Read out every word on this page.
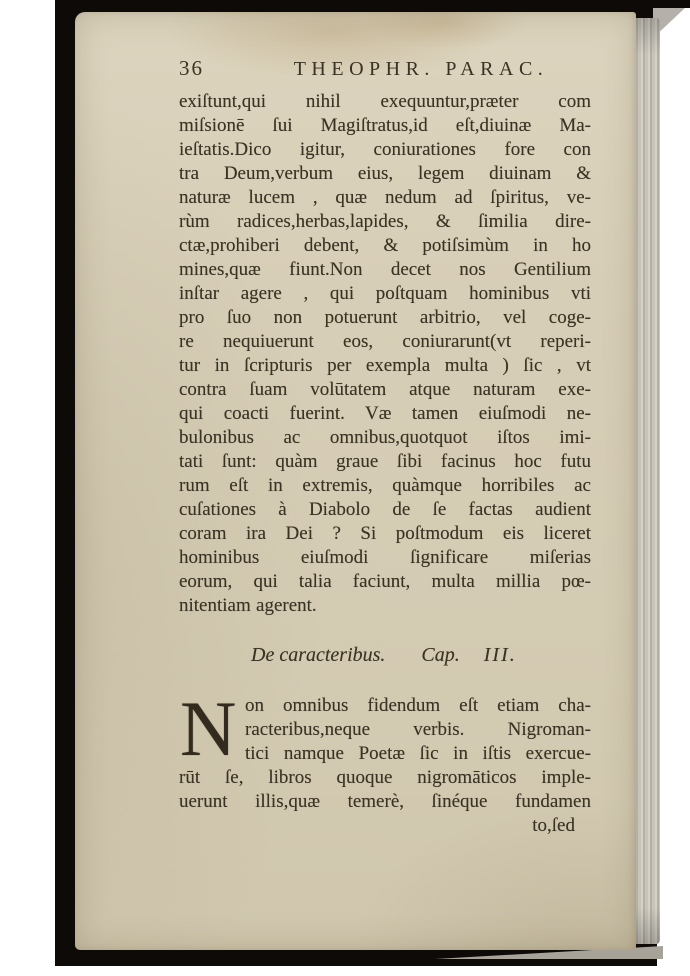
36	THEOPHR. PARAC.
exiſtunt,qui nihil exequuntur,præter com
miſsionē ſui Magiſtratus,id eſt,diuinæ Ma-
ieſtatis.Dico igitur, coniurationes fore con
tra Deum,verbum eius, legem diuinam &
naturæ lucem , quæ nedum ad ſpiritus, ve-
rùm radices,herbas,lapides, & ſimilia dire-
ctæ,prohiberi debent, & potiſsimùm in ho
mines,quæ fiunt.Non decet nos Gentilium
inſtar agere , qui poſtquam hominibus vti
pro ſuo non potuerunt arbitrio, vel coge-
re nequiuerunt eos, coniurarunt(vt reperi-
tur in ſcripturis per exempla multa ) ſic , vt
contra ſuam volūtatem atque naturam exe-
qui coacti fuerint. Væ tamen eiuſmodi ne-
bulonibus ac omnibus,quotquot iſtos imi-
tati ſunt: quàm graue ſibi facinus hoc futu
rum eſt in extremis, quàmque horribiles ac
cuſationes à Diabolo de ſe factas audient
coram ira Dei ? Si poſtmodum eis liceret
hominibus eiuſmodi ſignificare miſerias
eorum, qui talia faciunt, multa millia pœ-
nitentiam agerent.
De caracteribus. Cap. III.
N on omnibus fidendum eſt etiam cha-
racteribus,neque verbis. Nigroman-
tici namque Poetæ ſic in iſtis exercue-
rūt ſe, libros quoque nigromāticos imple-
uerunt illis,quæ temerè, ſinéque fundamen
to,ſed
